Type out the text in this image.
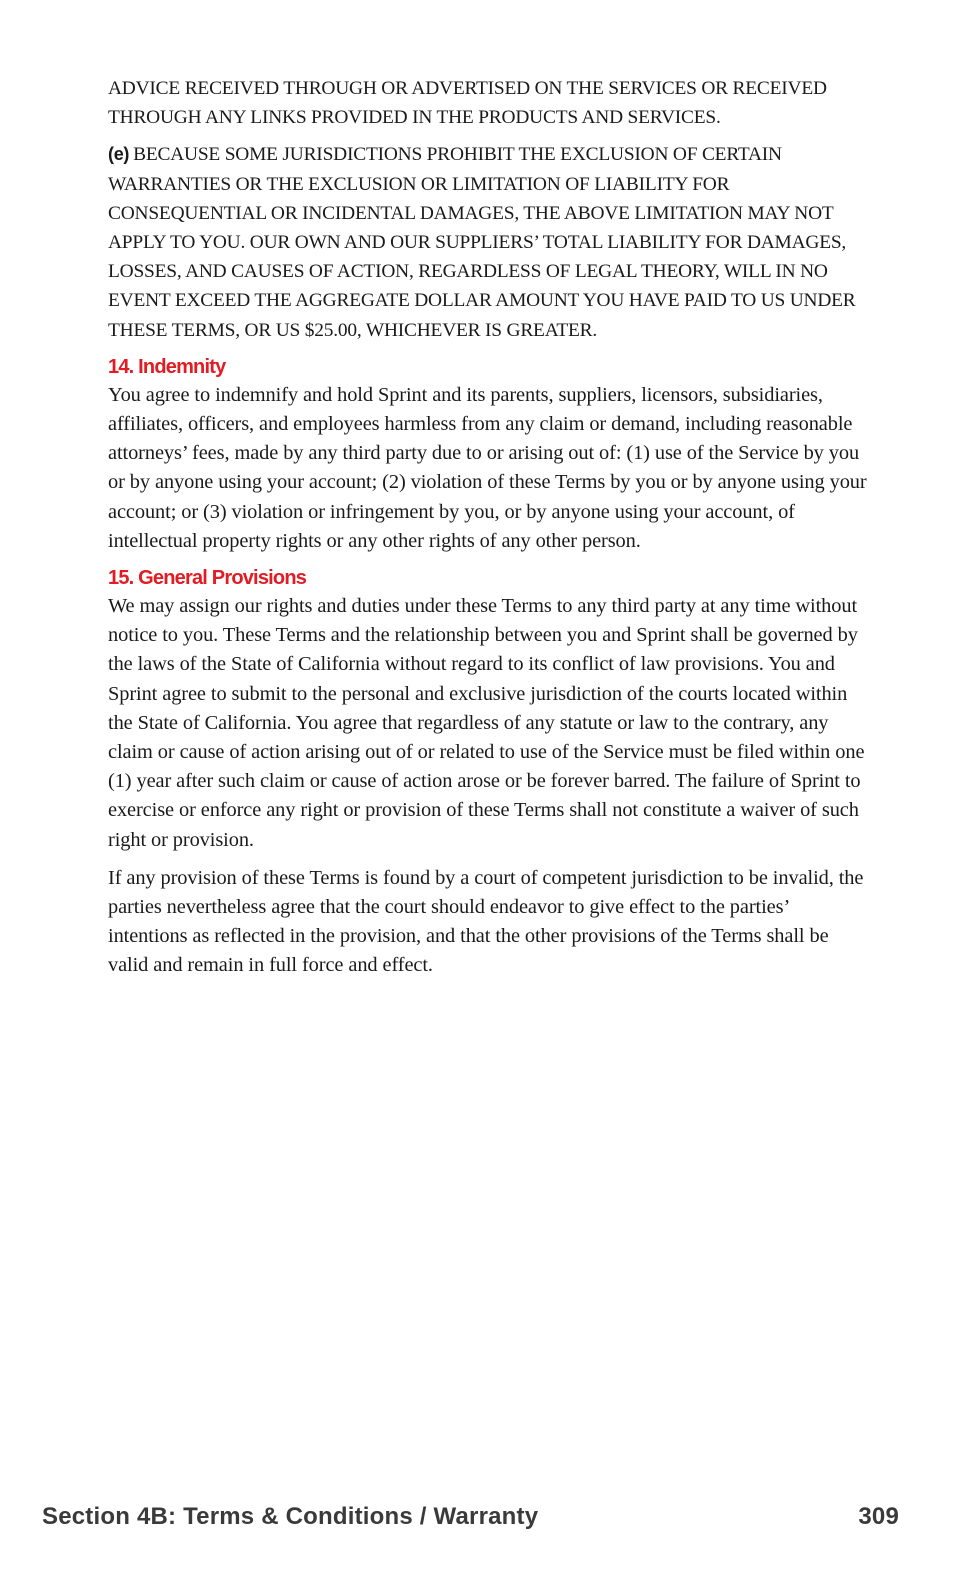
ADVICE RECEIVED THROUGH OR ADVERTISED ON THE SERVICES OR RECEIVED THROUGH ANY LINKS PROVIDED IN THE PRODUCTS AND SERVICES.

(e) BECAUSE SOME JURISDICTIONS PROHIBIT THE EXCLUSION OF CERTAIN WARRANTIES OR THE EXCLUSION OR LIMITATION OF LIABILITY FOR CONSEQUENTIAL OR INCIDENTAL DAMAGES, THE ABOVE LIMITATION MAY NOT APPLY TO YOU. OUR OWN AND OUR SUPPLIERS’ TOTAL LIABILITY FOR DAMAGES, LOSSES, AND CAUSES OF ACTION, REGARDLESS OF LEGAL THEORY, WILL IN NO EVENT EXCEED THE AGGREGATE DOLLAR AMOUNT YOU HAVE PAID TO US UNDER THESE TERMS, OR US $25.00, WHICHEVER IS GREATER.

14. Indemnity

You agree to indemnify and hold Sprint and its parents, suppliers, licensors, subsidiaries, affiliates, officers, and employees harmless from any claim or demand, including reasonable attorneys’ fees, made by any third party due to or arising out of: (1) use of the Service by you or by anyone using your account; (2) violation of these Terms by you or by anyone using your account; or (3) violation or infringement by you, or by anyone using your account, of intellectual property rights or any other rights of any other person.

15. General Provisions

We may assign our rights and duties under these Terms to any third party at any time without notice to you. These Terms and the relationship between you and Sprint shall be governed by the laws of the State of California without regard to its conflict of law provisions. You and Sprint agree to submit to the personal and exclusive jurisdiction of the courts located within the State of California. You agree that regardless of any statute or law to the contrary, any claim or cause of action arising out of or related to use of the Service must be filed within one (1) year after such claim or cause of action arose or be forever barred. The failure of Sprint to exercise or enforce any right or provision of these Terms shall not constitute a waiver of such right or provision.

If any provision of these Terms is found by a court of competent jurisdiction to be invalid, the parties nevertheless agree that the court should endeavor to give effect to the parties’ intentions as reflected in the provision, and that the other provisions of the Terms shall be valid and remain in full force and effect.

Section 4B: Terms & Conditions / Warranty	309
